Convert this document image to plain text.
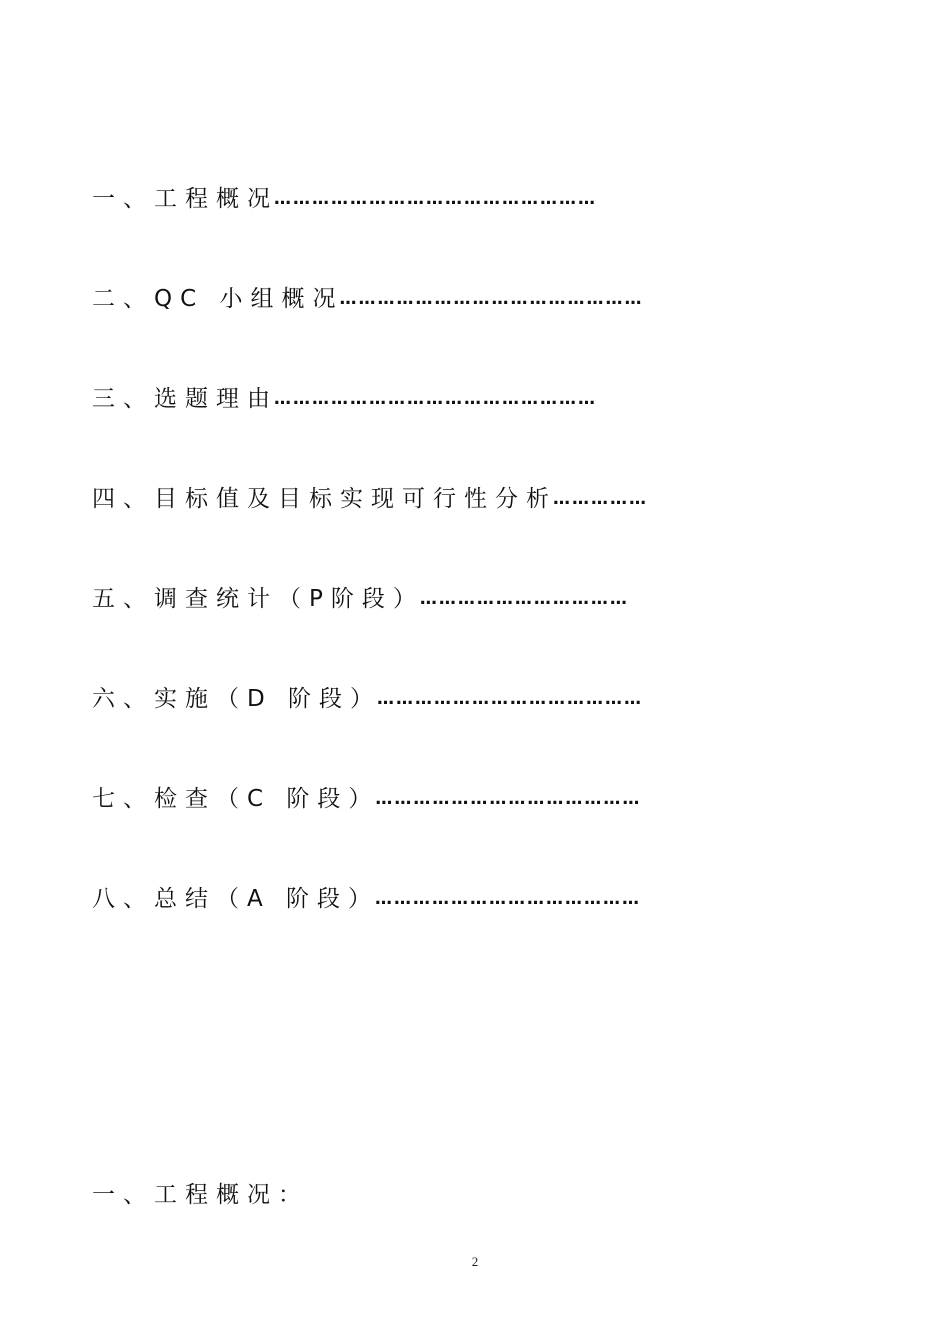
一、工程概况
……………………………………………
二、QC 小组概况
…………………………………………
三、选题理由
……………………………………………
四、目标值及目标实现可行性分析
……………
五、调查统计（P阶段）
……………………………
六、实施（D 阶段）
……………………………………
七、检查（C 阶段）
……………………………………
八、总结（A 阶段）
……………………………………
一、工程概况：
2
